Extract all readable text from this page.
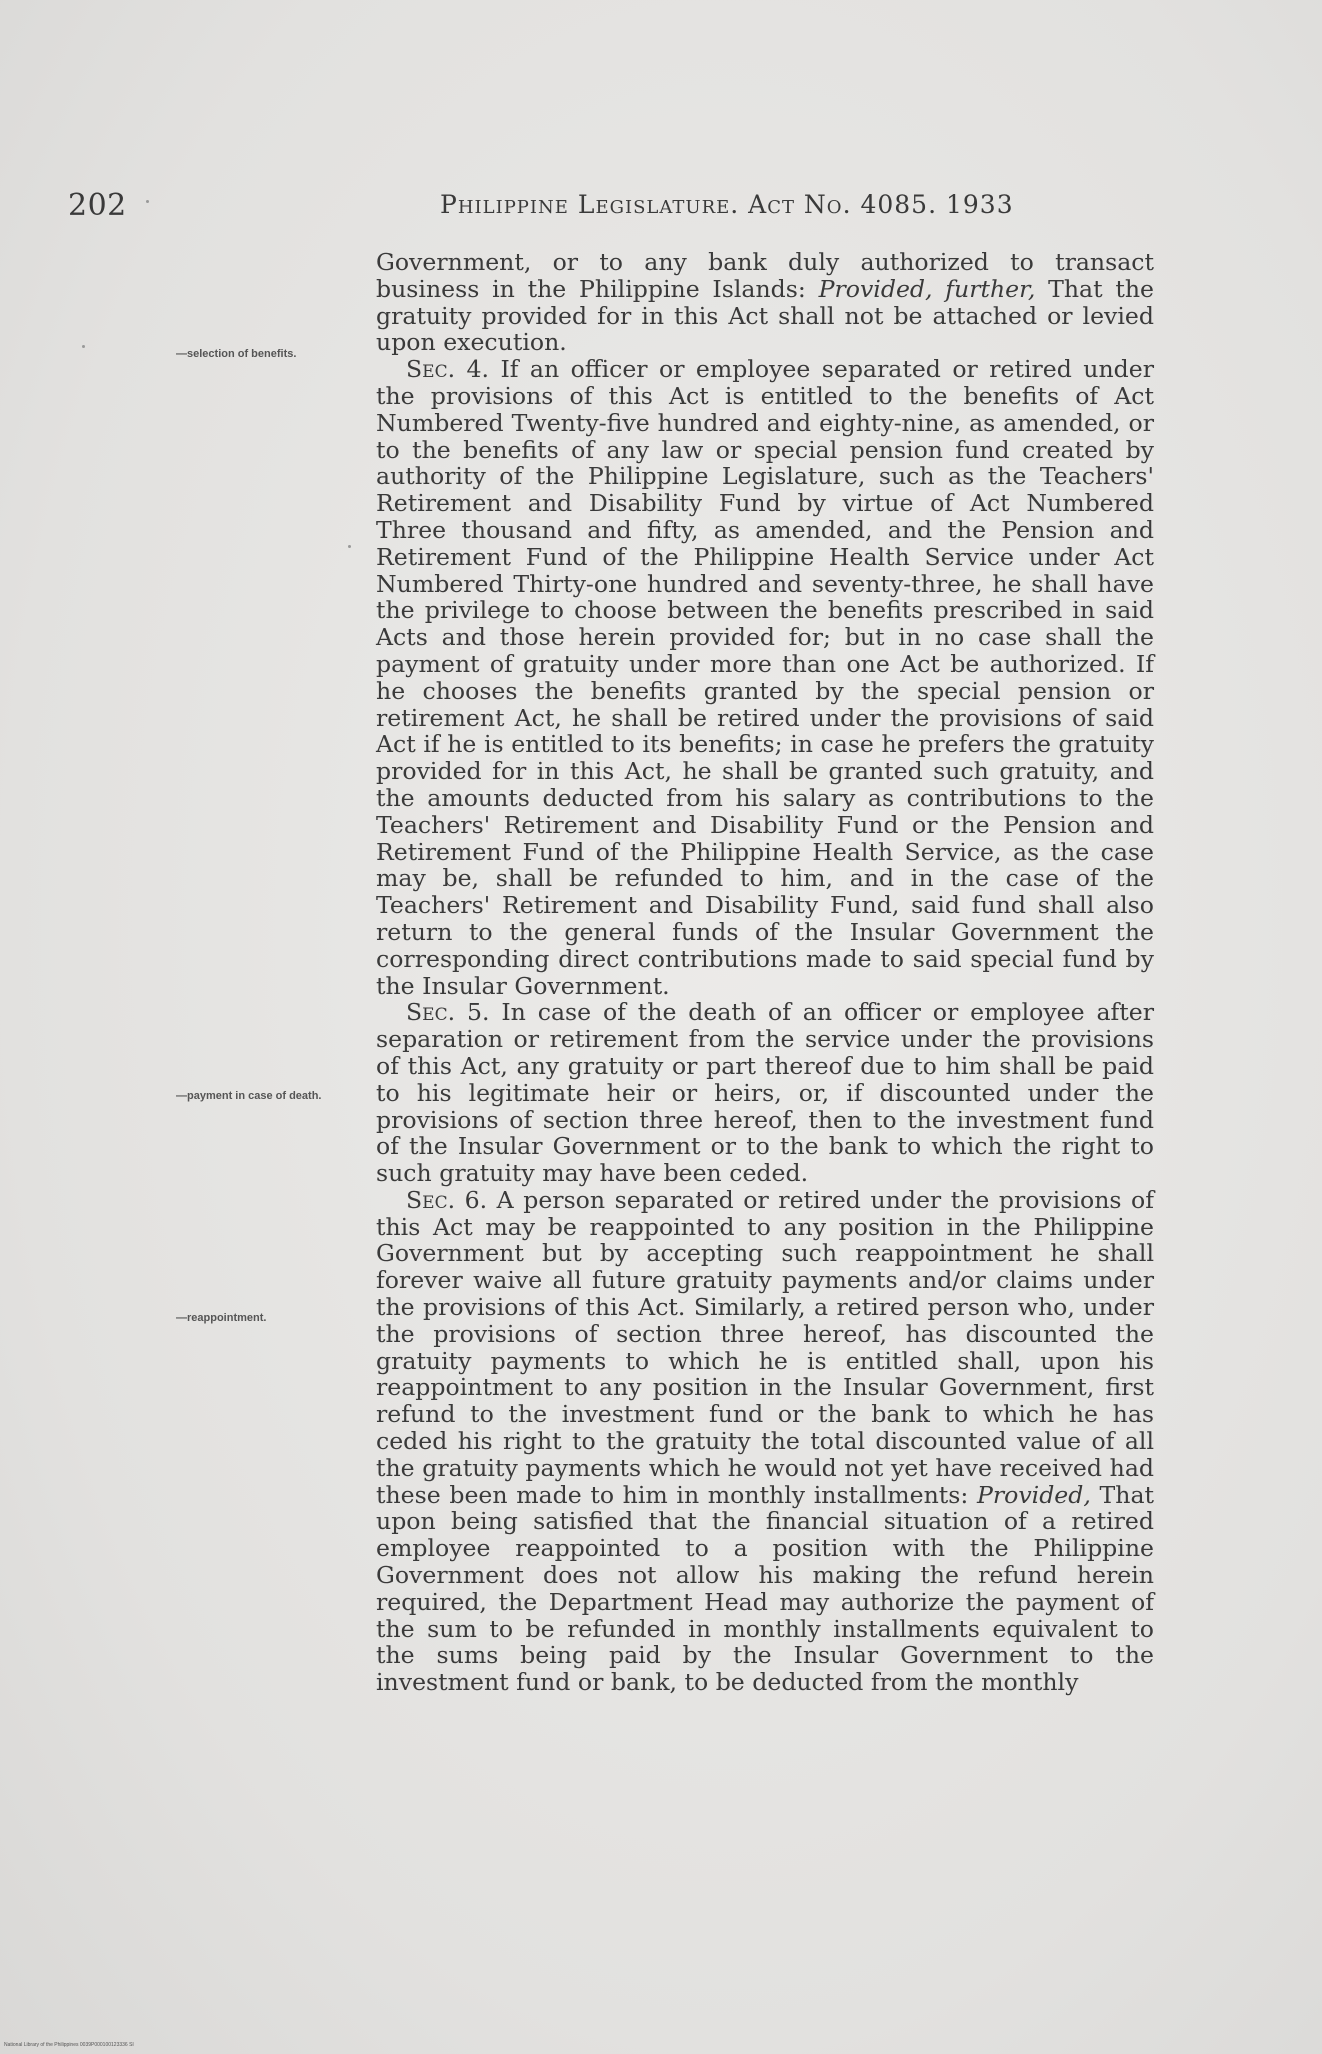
202	Philippine Legislature. Act No. 4085. 1933
—selection of benefits.
—payment in case of death.
—reappointment.

Government, or to any bank duly authorized to transact business in the Philippine Islands: Provided, further, That the gratuity provided for in this Act shall not be attached or levied upon execution.

Sec. 4. If an officer or employee separated or retired under the provisions of this Act is entitled to the benefits of Act Numbered Twenty-five hundred and eighty-nine, as amended, or to the benefits of any law or special pension fund created by authority of the Philippine Legislature, such as the Teachers' Retirement and Disability Fund by virtue of Act Numbered Three thousand and fifty, as amended, and the Pension and Retirement Fund of the Philippine Health Service under Act Numbered Thirty-one hundred and seventy-three, he shall have the privilege to choose between the benefits prescribed in said Acts and those herein provided for; but in no case shall the payment of gratuity under more than one Act be authorized. If he chooses the benefits granted by the special pension or retirement Act, he shall be retired under the provisions of said Act if he is entitled to its benefits; in case he prefers the gratuity provided for in this Act, he shall be granted such gratuity, and the amounts deducted from his salary as contributions to the Teachers' Retirement and Disability Fund or the Pension and Retirement Fund of the Philippine Health Service, as the case may be, shall be refunded to him, and in the case of the Teachers' Retirement and Disability Fund, said fund shall also return to the general funds of the Insular Government the corresponding direct contributions made to said special fund by the Insular Government.

Sec. 5. In case of the death of an officer or employee after separation or retirement from the service under the provisions of this Act, any gratuity or part thereof due to him shall be paid to his legitimate heir or heirs, or, if discounted under the provisions of section three hereof, then to the investment fund of the Insular Government or to the bank to which the right to such gratuity may have been ceded.

Sec. 6. A person separated or retired under the provisions of this Act may be reappointed to any position in the Philippine Government but by accepting such reappointment he shall forever waive all future gratuity payments and/or claims under the provisions of this Act. Similarly, a retired person who, under the provisions of section three hereof, has discounted the gratuity payments to which he is entitled shall, upon his reappointment to any position in the Insular Government, first refund to the investment fund or the bank to which he has ceded his right to the gratuity the total discounted value of all the gratuity payments which he would not yet have received had these been made to him in monthly installments: Provided, That upon being satisfied that the financial situation of a retired employee reappointed to a position with the Philippine Government does not allow his making the refund herein required, the Department Head may authorize the payment of the sum to be refunded in monthly installments equivalent to the sums being paid by the Insular Government to the investment fund or bank, to be deducted from the monthly

National Library of the Philippines 0039P000100123336 SI
